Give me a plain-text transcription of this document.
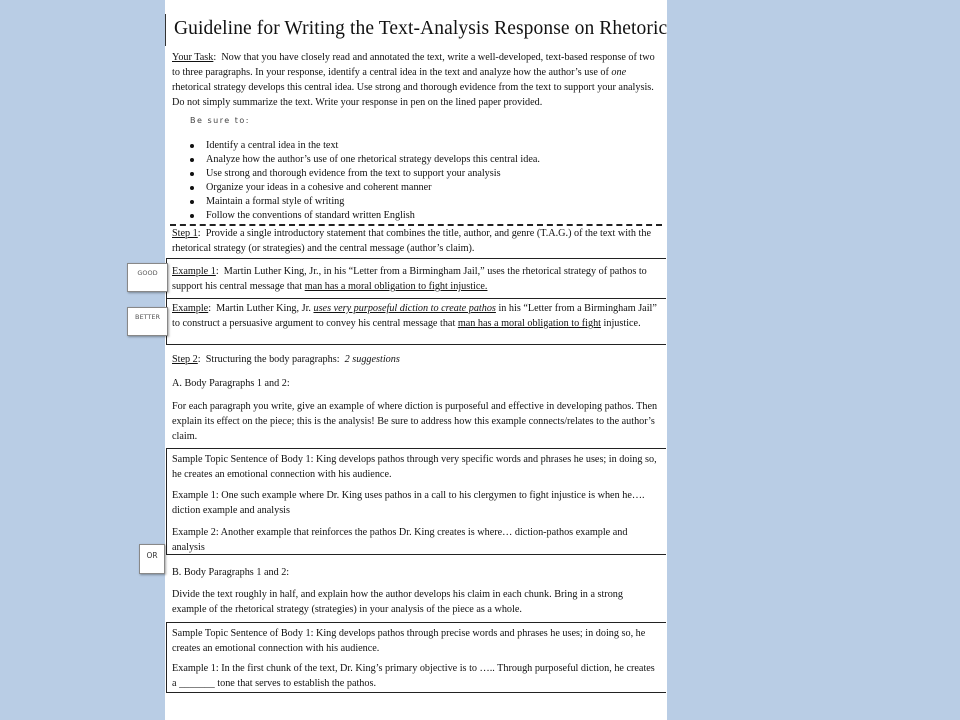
Guideline for Writing the Text-Analysis Response on Rhetoric
Your Task:  Now that you have closely read and annotated the text, write a well-developed, text-based response of two to three paragraphs. In your response, identify a central idea in the text and analyze how the author’s use of one rhetorical strategy develops this central idea. Use strong and thorough evidence from the text to support your analysis. Do not simply summarize the text. Write your response in pen on the lined paper provided.
Be sure to:
Identify a central idea in the text
Analyze how the author’s use of one rhetorical strategy develops this central idea.
Use strong and thorough evidence from the text to support your analysis
Organize your ideas in a cohesive and coherent manner
Maintain a formal style of writing
Follow the conventions of standard written English
Step 1:  Provide a single introductory statement that combines the title, author, and genre (T.A.G.) of the text with the rhetorical strategy (or strategies) and the central message (author’s claim).
Example 1:  Martin Luther King, Jr., in his “Letter from a Birmingham Jail,” uses the rhetorical strategy of pathos to support his central message that man has a moral obligation to fight injustice.
Example:  Martin Luther King, Jr. uses very purposeful diction to create pathos in his “Letter from a Birmingham Jail” to construct a persuasive argument to convey his central message that man has a moral obligation to fight injustice.
GOOD
BETTER
Step 2:  Structuring the body paragraphs: 2 suggestions
A. Body Paragraphs 1 and 2:
For each paragraph you write, give an example of where diction is purposeful and effective in developing pathos. Then explain its effect on the piece; this is the analysis! Be sure to address how this example connects/relates to the author’s claim.
Sample Topic Sentence of Body 1: King develops pathos through very specific words and phrases he uses; in doing so, he creates an emotional connection with his audience.
Example 1: One such example where Dr. King uses pathos in a call to his clergymen to fight injustice is when he…. diction example and analysis
Example 2: Another example that reinforces the pathos Dr. King creates is where… diction-pathos example and analysis
OR
B. Body Paragraphs 1 and 2:
Divide the text roughly in half, and explain how the author develops his claim in each chunk. Bring in a strong example of the rhetorical strategy (strategies) in your analysis of the piece as a whole.
Sample Topic Sentence of Body 1: King develops pathos through precise words and phrases he uses; in doing so, he creates an emotional connection with his audience.
Example 1: In the first chunk of the text, Dr. King’s primary objective is to ….. Through purposeful diction, he creates a _______ tone that serves to establish the pathos.
